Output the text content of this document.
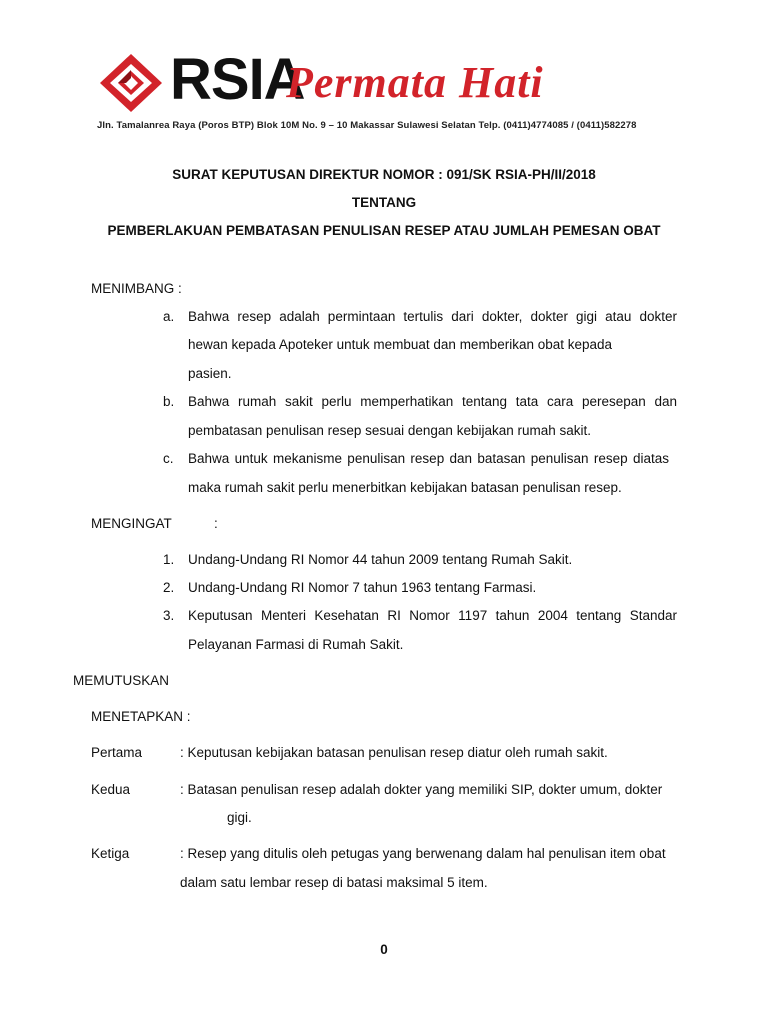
RSIA
Permata Hati
Jln. Tamalanrea Raya (Poros BTP) Blok 10M No. 9 – 10 Makassar Sulawesi Selatan Telp. (0411)4774085 / (0411)582278
SURAT KEPUTUSAN DIREKTUR NOMOR : 091/SK RSIA-PH/II/2018
TENTANG
PEMBERLAKUAN PEMBATASAN PENULISAN RESEP ATAU JUMLAH PEMESAN OBAT
MENIMBANG :
a. Bahwa resep adalah permintaan tertulis dari dokter, dokter gigi atau dokter
hewan kepada Apoteker untuk membuat dan memberikan obat kepada
pasien.
b. Bahwa rumah sakit perlu memperhatikan tentang tata cara peresepan dan
pembatasan penulisan resep sesuai dengan kebijakan rumah sakit.
c. Bahwa untuk mekanisme penulisan resep dan batasan penulisan resep diatas
maka rumah sakit perlu menerbitkan kebijakan batasan penulisan resep.
MENGINGAT	:
1. Undang-Undang RI Nomor 44 tahun 2009 tentang Rumah Sakit.
2. Undang-Undang RI Nomor 7 tahun 1963 tentang Farmasi.
3. Keputusan Menteri Kesehatan RI Nomor 1197 tahun 2004 tentang Standar
Pelayanan Farmasi di Rumah Sakit.
MEMUTUSKAN
MENETAPKAN :
Pertama	: Keputusan kebijakan batasan penulisan resep diatur oleh rumah sakit.
Kedua	: Batasan penulisan resep adalah dokter yang memiliki SIP, dokter umum, dokter
gigi.
Ketiga	: Resep yang ditulis oleh petugas yang berwenang dalam hal penulisan item obat
dalam satu lembar resep di batasi maksimal 5 item.
0
